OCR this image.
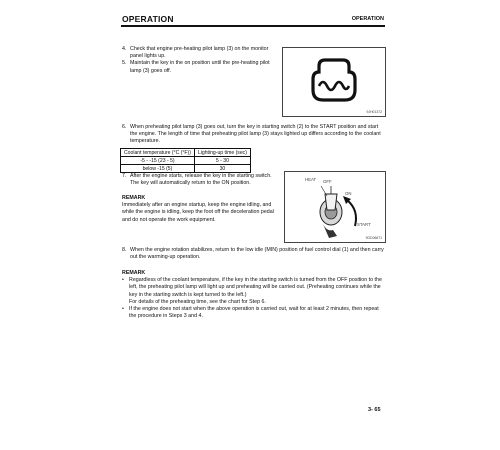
OPERATION	OPERATION
4. Check that engine pre-heating pilot lamp (3) on the monitor panel lights up.
5. Maintain the key in the on position until the pre-heating pilot lamp (3) goes off.
9JH01372
6. When preheating pilot lamp (3) goes out, turn the key in starting switch (2) to the START position and start the engine. The length of time that preheating pilot lamp (3) stays lighted up differs according to the coolant temperature.
Coolant temperature (°C (°F))	Lighting-up time (sec)
-5 - -15 (23 - 5)	5 - 30
below -15 (5)	30
7. After the engine starts, release the key in the starting switch. The key will automatically return to the ON position.
REMARK
Immediately after an engine startup, keep the engine idling, and while the engine is idling, keep the foot off the deceleration pedal and do not operate the work equipment.
HEAT OFF
ON
START
9GD06671
8. When the engine rotation stabilizes, return to the low idle (MIN) position of fuel control dial (1) and then carry out the warming-up operation.
REMARK
• Regardless of the coolant temperature, if the key in the starting switch is turned from the OFF position to the left, the preheating pilot lamp will light up and preheating will be carried out. (Preheating continues while the key in the starting switch is kept turned to the left.)
For details of the preheating time, see the chart for Step 6.
• If the engine does not start when the above operation is carried out, wait for at least 2 minutes, then repeat the procedure in Steps 3 and 4.
3- 65
